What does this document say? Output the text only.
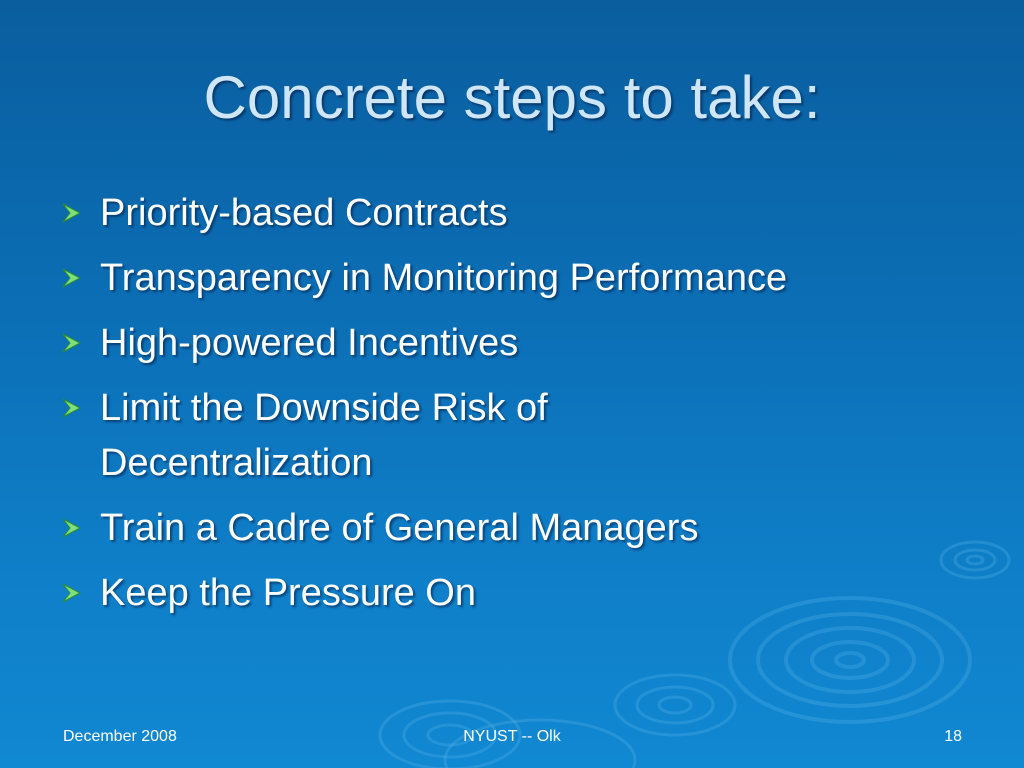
Concrete steps to take:
Priority-based Contracts
Transparency in Monitoring Performance
High-powered Incentives
Limit the Downside Risk of Decentralization
Train a Cadre of General Managers
Keep the Pressure On
December 2008	NYUST -- Olk	18
